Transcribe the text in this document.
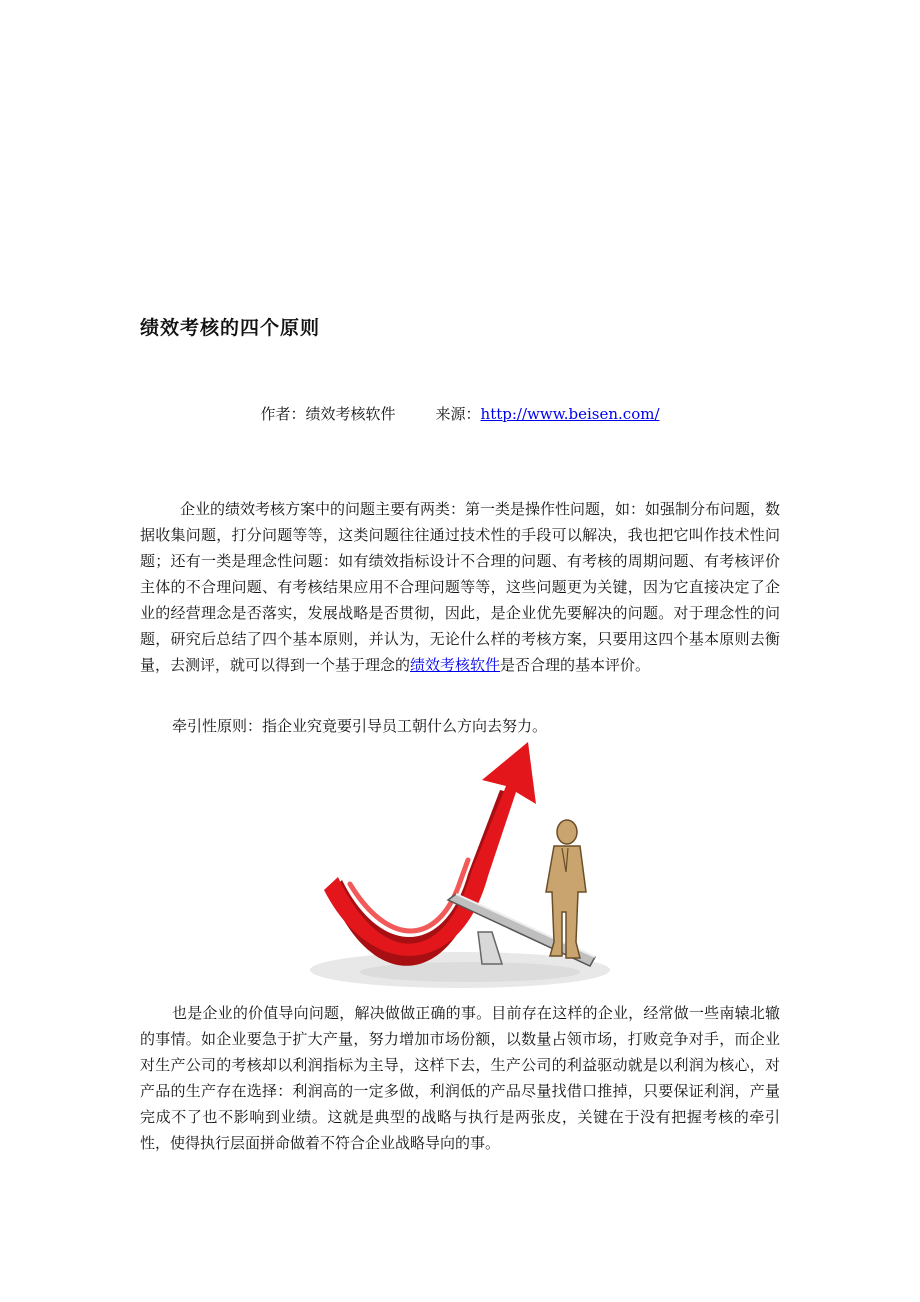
绩效考核的四个原则
作者：绩效考核软件	来源：http://www.beisen.com/

企业的绩效考核方案中的问题主要有两类：第一类是操作性问题，如：如强制分布问题，数据收集问题，打分问题等等，这类问题往往通过技术性的手段可以解决，我也把它叫作技术性问题；还有一类是理念性问题：如有绩效指标设计不合理的问题、有考核的周期问题、有考核评价主体的不合理问题、有考核结果应用不合理问题等等，这些问题更为关键，因为它直接决定了企业的经营理念是否落实，发展战略是否贯彻，因此，是企业优先要解决的问题。对于理念性的问题，研究后总结了四个基本原则，并认为，无论什么样的考核方案，只要用这四个基本原则去衡量，去测评，就可以得到一个基于理念的绩效考核软件是否合理的基本评价。

牵引性原则：指企业究竟要引导员工朝什么方向去努力。

也是企业的价值导向问题，解决做做正确的事。目前存在这样的企业，经常做一些南辕北辙的事情。如企业要急于扩大产量，努力增加市场份额，以数量占领市场，打败竞争对手，而企业对生产公司的考核却以利润指标为主导，这样下去，生产公司的利益驱动就是以利润为核心，对产品的生产存在选择：利润高的一定多做，利润低的产品尽量找借口推掉，只要保证利润，产量完成不了也不影响到业绩。这就是典型的战略与执行是两张皮，关键在于没有把握考核的牵引性，使得执行层面拼命做着不符合企业战略导向的事。
